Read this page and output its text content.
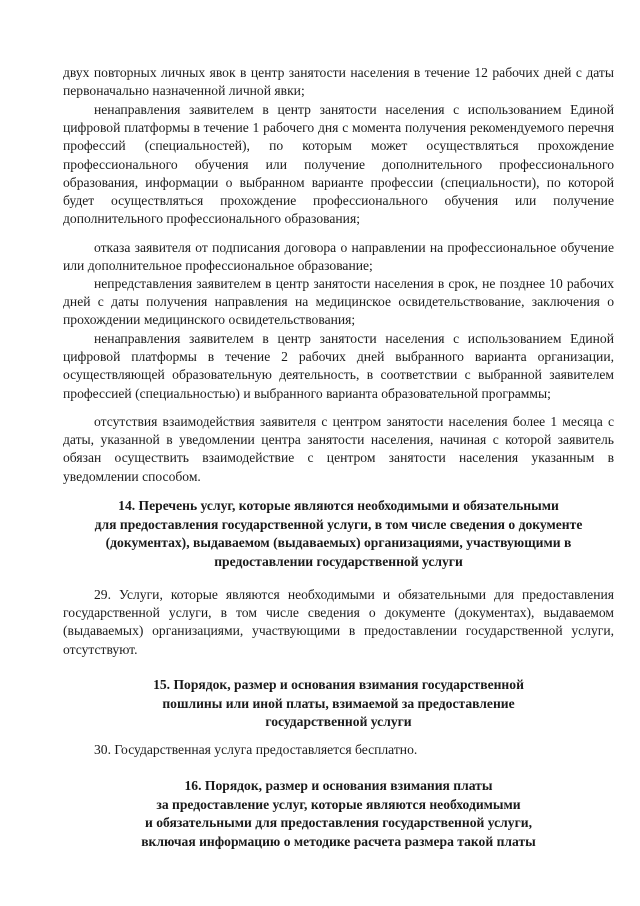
двух повторных личных явок в центр занятости населения в течение 12 рабочих дней с даты первоначально назначенной личной явки;

ненаправления заявителем в центр занятости населения с использованием Единой цифровой платформы в течение 1 рабочего дня с момента получения рекомендуемого перечня профессий (специальностей), по которым может осуществляться прохождение профессионального обучения или получение дополнительного профессионального образования, информации о выбранном варианте профессии (специальности), по которой будет осуществляться прохождение профессионального обучения или получение дополнительного профессионального образования;

отказа заявителя от подписания договора о направлении на профессиональное обучение или дополнительное профессиональное образование;

непредставления заявителем в центр занятости населения в срок, не позднее 10 рабочих дней с даты получения направления на медицинское освидетельствование, заключения о прохождении медицинского освидетельствования;

ненаправления заявителем в центр занятости населения с использованием Единой цифровой платформы в течение 2 рабочих дней выбранного варианта организации, осуществляющей образовательную деятельность, в соответствии с выбранной заявителем профессией (специальностью) и выбранного варианта образовательной программы;

отсутствия взаимодействия заявителя с центром занятости населения более 1 месяца с даты, указанной в уведомлении центра занятости населения, начиная с которой заявитель обязан осуществить взаимодействие с центром занятости населения указанным в уведомлении способом.

14. Перечень услуг, которые являются необходимыми и обязательными
для предоставления государственной услуги, в том числе сведения о документе
(документах), выдаваемом (выдаваемых) организациями, участвующими в
предоставлении государственной услуги

29. Услуги, которые являются необходимыми и обязательными для предоставления государственной услуги, в том числе сведения о документе (документах), выдаваемом (выдаваемых) организациями, участвующими в предоставлении государственной услуги, отсутствуют.

15. Порядок, размер и основания взимания государственной
пошлины или иной платы, взимаемой за предоставление
государственной услуги

30. Государственная услуга предоставляется бесплатно.

16. Порядок, размер и основания взимания платы
за предоставление услуг, которые являются необходимыми
и обязательными для предоставления государственной услуги,
включая информацию о методике расчета размера такой платы
